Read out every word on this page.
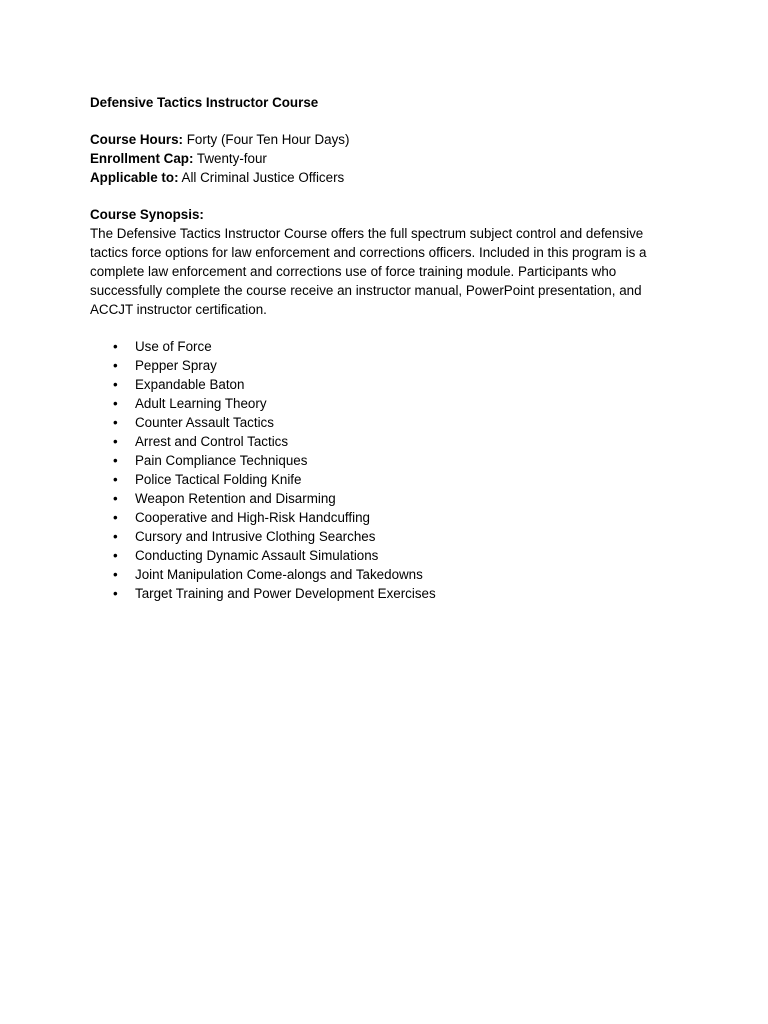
Defensive Tactics Instructor Course

Course Hours: Forty (Four Ten Hour Days)

Enrollment Cap: Twenty-four

Applicable to: All Criminal Justice Officers

Course Synopsis:

The Defensive Tactics Instructor Course offers the full spectrum subject control and defensive
tactics force options for law enforcement and corrections officers. Included in this program is a
complete law enforcement and corrections use of force training module. Participants who
successfully complete the course receive an instructor manual, PowerPoint presentation, and
ACCJT instructor certification.
• Use of Force
• Pepper Spray
• Expandable Baton
• Adult Learning Theory
• Counter Assault Tactics
• Arrest and Control Tactics
• Pain Compliance Techniques
• Police Tactical Folding Knife
• Weapon Retention and Disarming
• Cooperative and High-Risk Handcuffing
• Cursory and Intrusive Clothing Searches
• Conducting Dynamic Assault Simulations
• Joint Manipulation Come-alongs and Takedowns
• Target Training and Power Development Exercises
